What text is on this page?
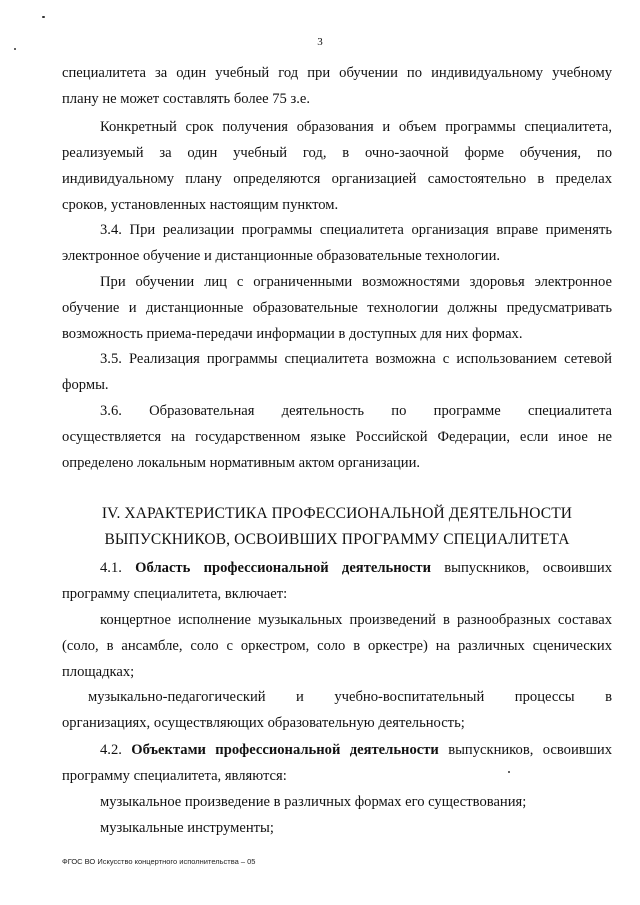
3
специалитета за один учебный год при обучении по индивидуальному учебному
плану не может составлять более 75 з.е.
Конкретный срок получения образования и объем программы специалитета,
реализуемый за один учебный год, в очно-заочной форме обучения, по
индивидуальному плану определяются организацией самостоятельно в пределах
сроков, установленных настоящим пунктом.
3.4. При реализации программы специалитета организация вправе применять
электронное обучение и дистанционные образовательные технологии.
При обучении лиц с ограниченными возможностями здоровья электронное
обучение и дистанционные образовательные технологии должны предусматривать
возможность приема-передачи информации в доступных для них формах.
3.5. Реализация программы специалитета возможна с использованием сетевой
формы.
3.6. Образовательная деятельность по программе специалитета
осуществляется на государственном языке Российской Федерации, если иное не
определено локальным нормативным актом организации.
IV. ХАРАКТЕРИСТИКА ПРОФЕССИОНАЛЬНОЙ ДЕЯТЕЛЬНОСТИ
ВЫПУСКНИКОВ, ОСВОИВШИХ ПРОГРАММУ СПЕЦИАЛИТЕТА
4.1. Область профессиональной деятельности выпускников, освоивших
программу специалитета, включает:
концертное исполнение музыкальных произведений в разнообразных составах
(соло, в ансамбле, соло с оркестром, соло в оркестре) на различных сценических
площадках;
музыкально-педагогический и учебно-воспитательный процессы в
организациях, осуществляющих образовательную деятельность;
4.2. Объектами профессиональной деятельности выпускников, освоивших
программу специалитета, являются:
музыкальное произведение в различных формах его существования;
музыкальные инструменты;
ФГОС ВО Искусство концертного исполнительства – 05
